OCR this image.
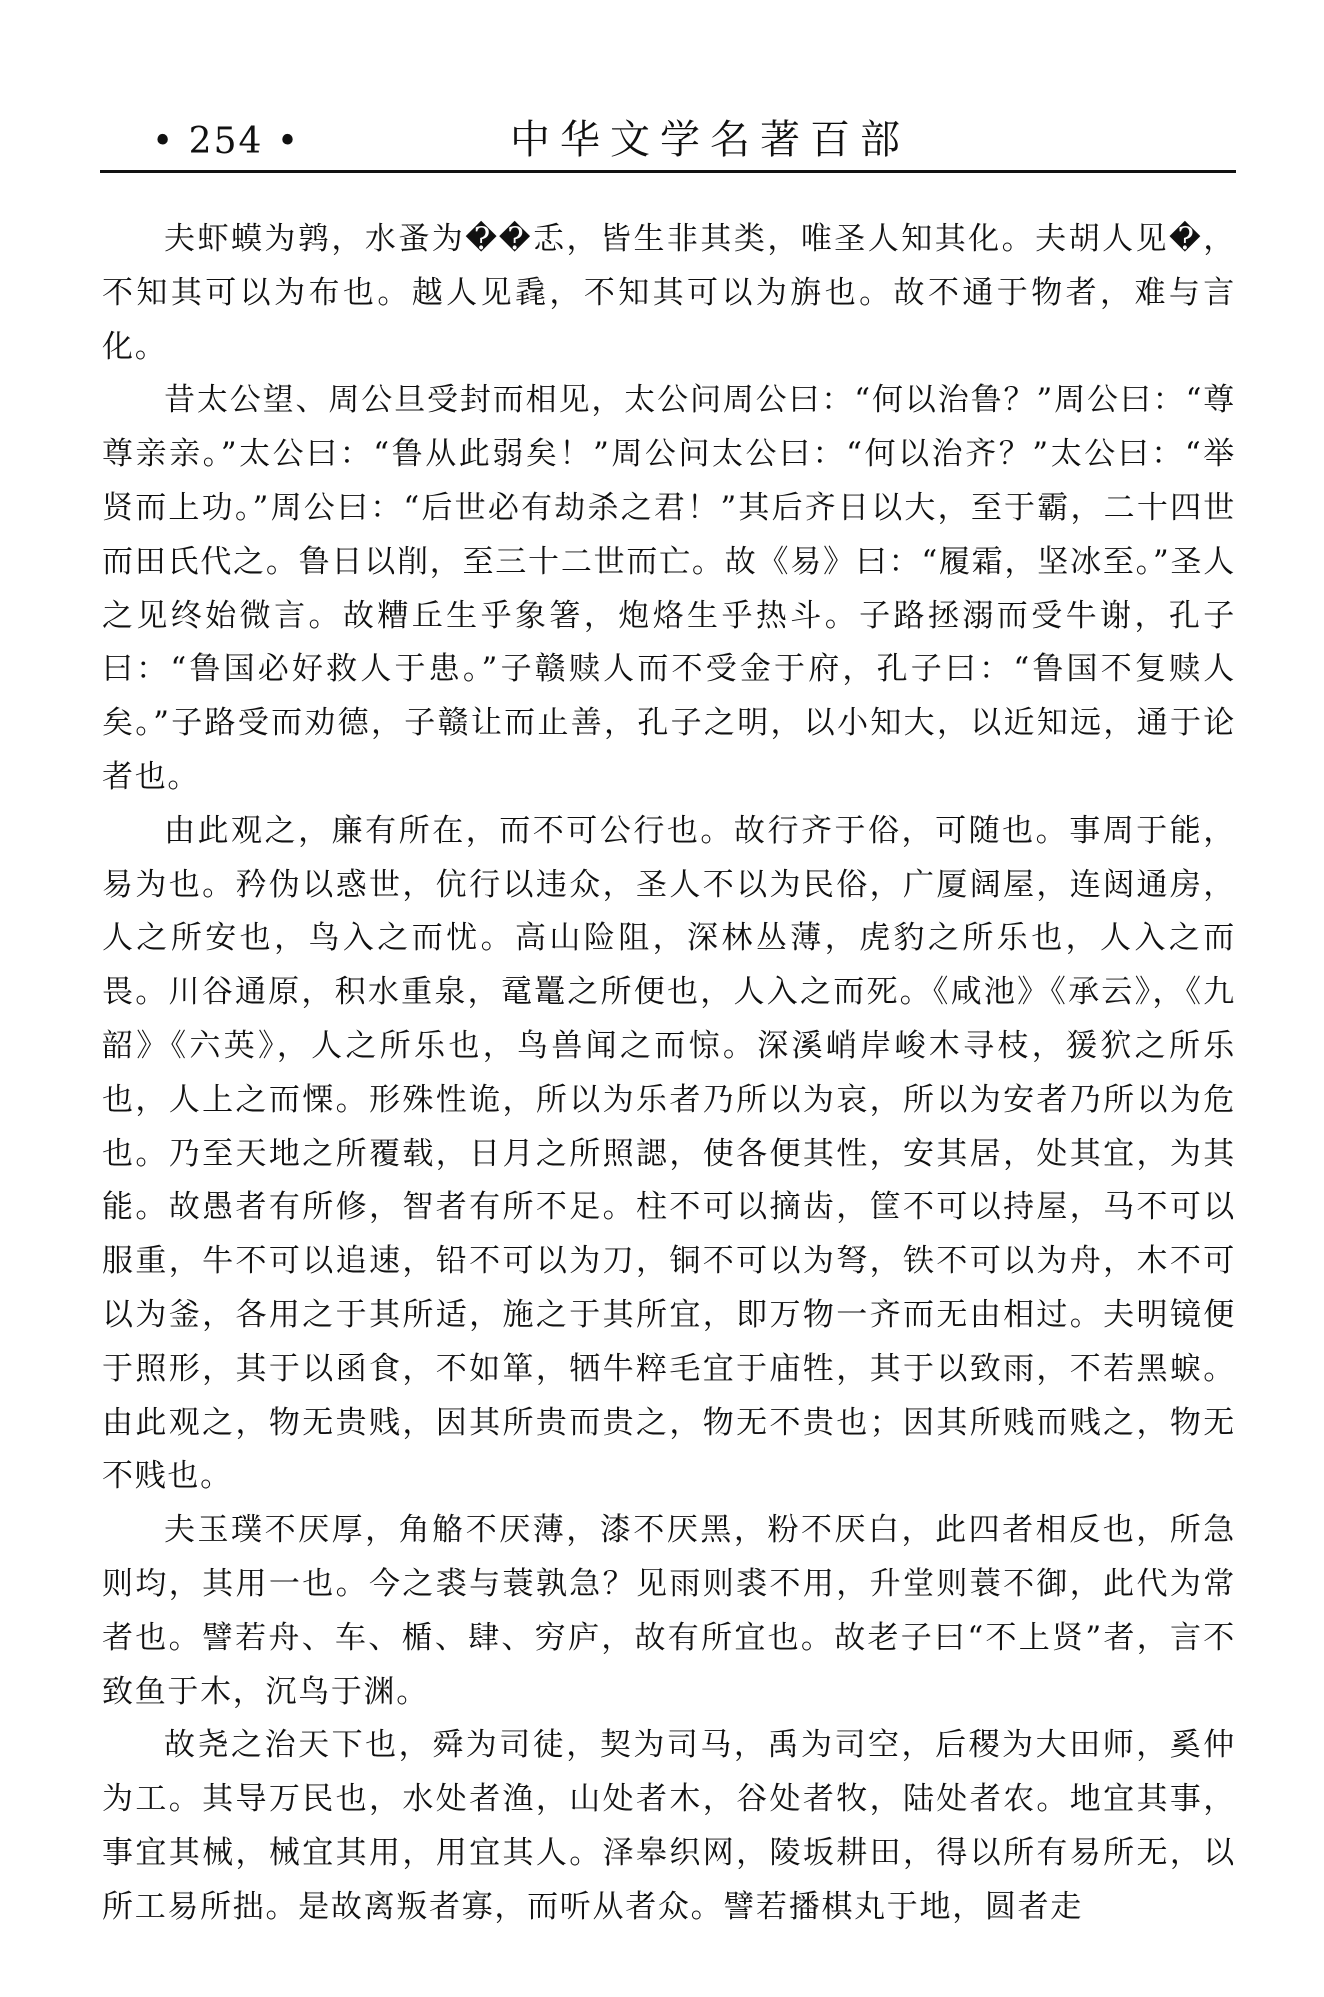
• 254 •	中华文学名著百部

夫虾蟆为鹑，水蚤为��忎，皆生非其类，唯圣人知其化。夫胡人见�，不知其可以为布也。越人见毳，不知其可以为旃也。故不通于物者，难与言化。

昔太公望、周公旦受封而相见，太公问周公曰：“何以治鲁？”周公曰：“尊尊亲亲。”太公曰：“鲁从此弱矣！”周公问太公曰：“何以治齐？”太公曰：“举贤而上功。”周公曰：“后世必有劫杀之君！”其后齐日以大，至于霸，二十四世而田氏代之。鲁日以削，至三十二世而亡。故《易》曰：“履霜，坚冰至。”圣人之见终始微言。故糟丘生乎象箸，炮烙生乎热斗。子路拯溺而受牛谢，孔子曰：“鲁国必好救人于患。”子赣赎人而不受金于府，孔子曰：“鲁国不复赎人矣。”子路受而劝德，子赣让而止善，孔子之明，以小知大，以近知远，通于论者也。

由此观之，廉有所在，而不可公行也。故行齐于俗，可随也。事周于能，易为也。矜伪以惑世，伉行以违众，圣人不以为民俗，广厦阔屋，连闼通房，人之所安也，鸟入之而忧。高山险阻，深林丛薄，虎豹之所乐也，人入之而畏。川谷通原，积水重泉，鼋鼍之所便也，人入之而死。《咸池》《承云》，《九韶》《六英》，人之所乐也，鸟兽闻之而惊。深溪峭岸峻木寻枝，猨狖之所乐也，人上之而慄。形殊性诡，所以为乐者乃所以为哀，所以为安者乃所以为危也。乃至天地之所覆载，日月之所照諰，使各便其性，安其居，处其宜，为其能。故愚者有所修，智者有所不足。柱不可以摘齿，筐不可以持屋，马不可以服重，牛不可以追速，铅不可以为刀，铜不可以为弩，铁不可以为舟，木不可以为釜，各用之于其所适，施之于其所宜，即万物一齐而无由相过。夫明镜便于照形，其于以函食，不如箪，牺牛粹毛宜于庙牲，其于以致雨，不若黑蜧。由此观之，物无贵贱，因其所贵而贵之，物无不贵也；因其所贱而贱之，物无不贱也。

夫玉璞不厌厚，角觡不厌薄，漆不厌黑，粉不厌白，此四者相反也，所急则均，其用一也。今之裘与蓑孰急？见雨则裘不用，升堂则蓑不御，此代为常者也。譬若舟、车、楯、肆、穷庐，故有所宜也。故老子曰“不上贤”者，言不致鱼于木，沉鸟于渊。

故尧之治天下也，舜为司徒，契为司马，禹为司空，后稷为大田师，奚仲为工。其导万民也，水处者渔，山处者木，谷处者牧，陆处者农。地宜其事，事宜其械，械宜其用，用宜其人。泽皋织网，陵坂耕田，得以所有易所无，以所工易所拙。是故离叛者寡，而听从者众。譬若播棋丸于地，圆者走
